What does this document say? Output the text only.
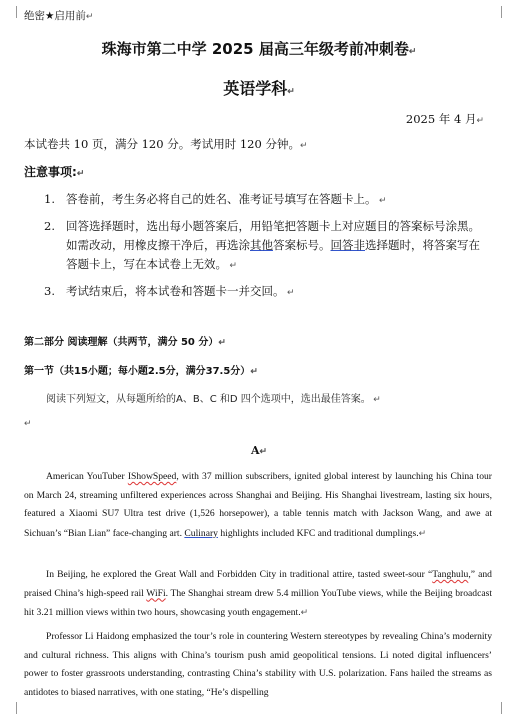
绝密★启用前↵
珠海市第二中学 2025 届高三年级考前冲刺卷↵
英语学科↵
2025 年 4 月↵
本试卷共 10 页，满分 120 分。考试用时 120 分钟。↵
注意事项:↵
1. 答卷前，考生务必将自己的姓名、准考证号填写在答题卡上。 ↵
2. 回答选择题时，选出每小题答案后，用铅笔把答题卡上对应题目的答案标号涂黑。如需改动，用橡皮擦干净后，再选涂其他答案标号。回答非选择题时，将答案写在答题卡上，写在本试卷上无效。 ↵
3. 考试结束后，将本试卷和答题卡一并交回。 ↵
第二部分 阅读理解（共两节，满分 50 分）↵
第一节（共15小题；每小题2.5分，满分37.5分）↵
阅读下列短文，从每题所给的A、B、C 和D 四个选项中，选出最佳答案。 ↵
↵
A↵
American YouTuber IShowSpeed, with 37 million subscribers, ignited global interest by launching his China tour on March 24, streaming unfiltered experiences across Shanghai and Beijing. His Shanghai livestream, lasting six hours, featured a Xiaomi SU7 Ultra test drive (1,526 horsepower), a table tennis match with Jackson Wang, and awe at Sichuan’s “Bian Lian” face-changing art. Culinary highlights included KFC and traditional dumplings.↵
In Beijing, he explored the Great Wall and Forbidden City in traditional attire, tasted sweet-sour “Tanghulu,” and praised China’s high-speed rail WiFi. The Shanghai stream drew 5.4 million YouTube views, while the Beijing broadcast hit 3.21 million views within two hours, showcasing youth engagement.↵
Professor Li Haidong emphasized the tour’s role in countering Western stereotypes by revealing China’s modernity and cultural richness. This aligns with China’s tourism push amid geopolitical tensions. Li noted digital influencers’ power to foster grassroots understanding, contrasting China’s stability with U.S. polarization. Fans hailed the streams as antidotes to biased narratives, with one stating, “He’s dispelling
